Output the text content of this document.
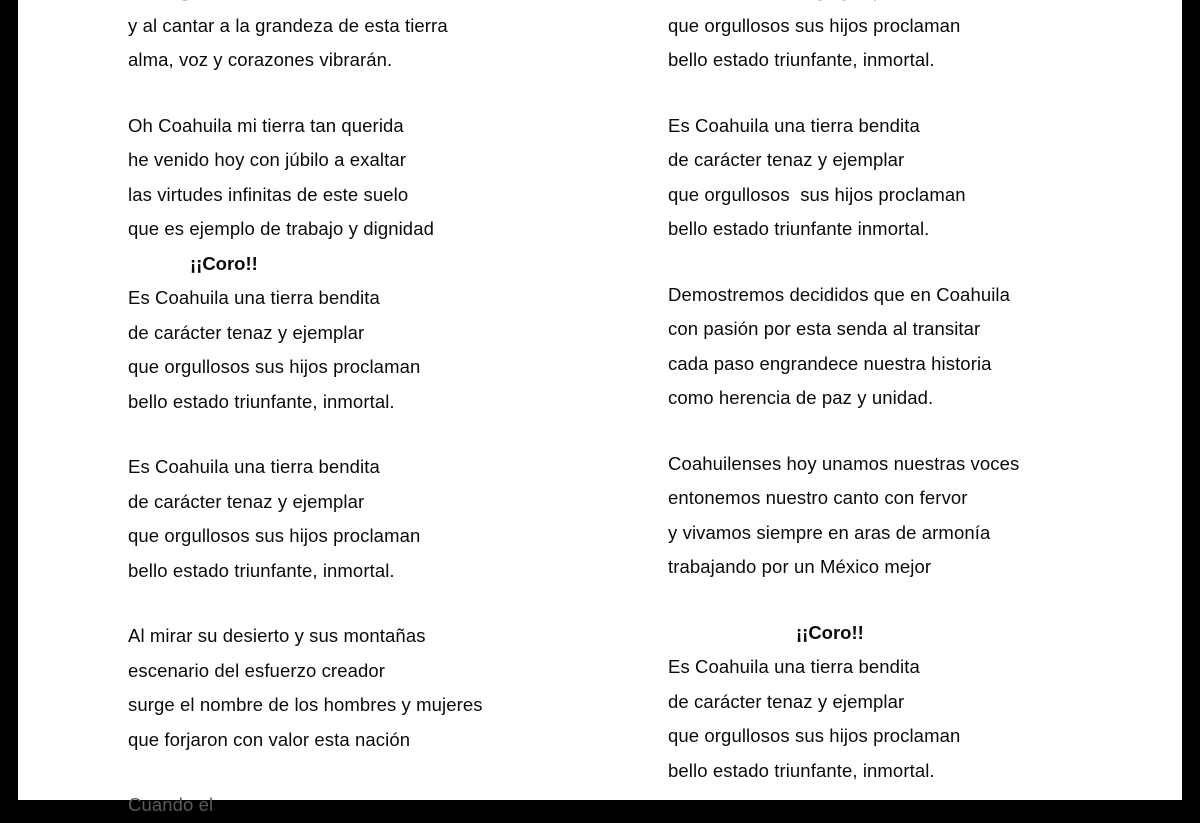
y al cantar a la grandeza de esta tierra
alma, voz y corazones vibrarán.
Oh Coahuila mi tierra tan querida
he venido hoy con júbilo a exaltar
las virtudes infinitas de este suelo
que es ejemplo de trabajo y dignidad
¡¡Coro!!
Es Coahuila una tierra bendita
de carácter tenaz y ejemplar
que orgullosos sus hijos proclaman
bello estado triunfante, inmortal.
Es Coahuila una tierra bendita
de carácter tenaz y ejemplar
que orgullosos sus hijos proclaman
bello estado triunfante, inmortal.
Al mirar su desierto y sus montañas
escenario del esfuerzo creador
surge el nombre de los hombres y mujeres
que forjaron con valor esta nación
Cuando el
que orgullosos sus hijos proclaman
bello estado triunfante, inmortal.
Es Coahuila una tierra bendita
de carácter tenaz y ejemplar
que orgullosos  sus hijos proclaman
bello estado triunfante inmortal.
Demostremos decididos que en Coahuila
con pasión por esta senda al transitar
cada paso engrandece nuestra historia
como herencia de paz y unidad.
Coahuilenses hoy unamos nuestras voces
entonemos nuestro canto con fervor
y vivamos siempre en aras de armonía
trabajando por un México mejor
¡¡Coro!!
Es Coahuila una tierra bendita
de carácter tenaz y ejemplar
que orgullosos sus hijos proclaman
bello estado triunfante, inmortal.
